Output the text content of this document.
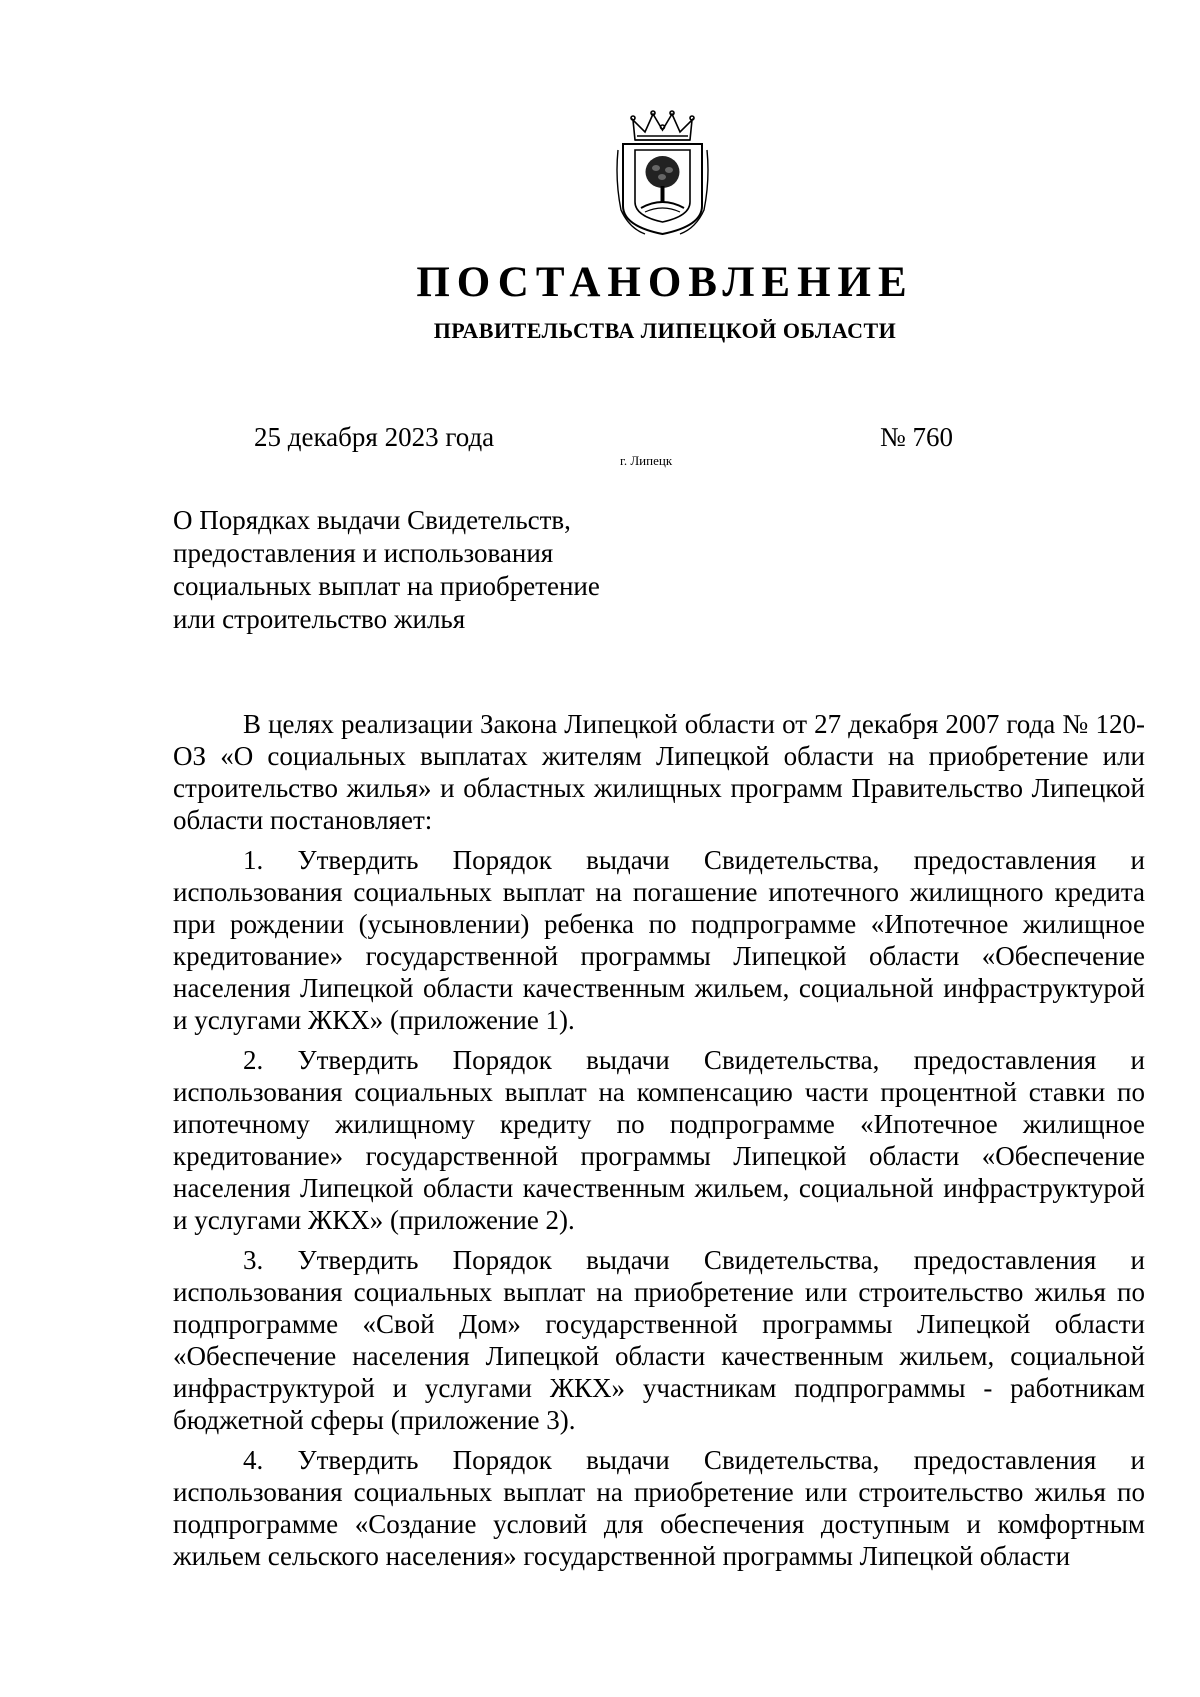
ПОСТАНОВЛЕНИЕ
ПРАВИТЕЛЬСТВА ЛИПЕЦКОЙ ОБЛАСТИ
25 декабря 2023 года
г. Липецк
№ 760
О Порядках выдачи Свидетельств,
предоставления и использования
социальных выплат на приобретение
или строительство жилья

В целях реализации Закона Липецкой области от 27 декабря 2007 года № 120-ОЗ «О социальных выплатах жителям Липецкой области на приобретение или строительство жилья» и областных жилищных программ Правительство Липецкой области постановляет:

1. Утвердить Порядок выдачи Свидетельства, предоставления и использования социальных выплат на погашение ипотечного жилищного кредита при рождении (усыновлении) ребенка по подпрограмме «Ипотечное жилищное кредитование» государственной программы Липецкой области «Обеспечение населения Липецкой области качественным жильем, социальной инфраструктурой и услугами ЖКХ» (приложение 1).

2. Утвердить Порядок выдачи Свидетельства, предоставления и использования социальных выплат на компенсацию части процентной ставки по ипотечному жилищному кредиту по подпрограмме «Ипотечное жилищное кредитование» государственной программы Липецкой области «Обеспечение населения Липецкой области качественным жильем, социальной инфраструктурой и услугами ЖКХ» (приложение 2).

3. Утвердить Порядок выдачи Свидетельства, предоставления и использования социальных выплат на приобретение или строительство жилья по подпрограмме «Свой Дом» государственной программы Липецкой области «Обеспечение населения Липецкой области качественным жильем, социальной инфраструктурой и услугами ЖКХ» участникам подпрограммы - работникам бюджетной сферы (приложение 3).

4. Утвердить Порядок выдачи Свидетельства, предоставления и использования социальных выплат на приобретение или строительство жилья по подпрограмме «Создание условий для обеспечения доступным и комфортным жильем сельского населения» государственной программы Липецкой области
